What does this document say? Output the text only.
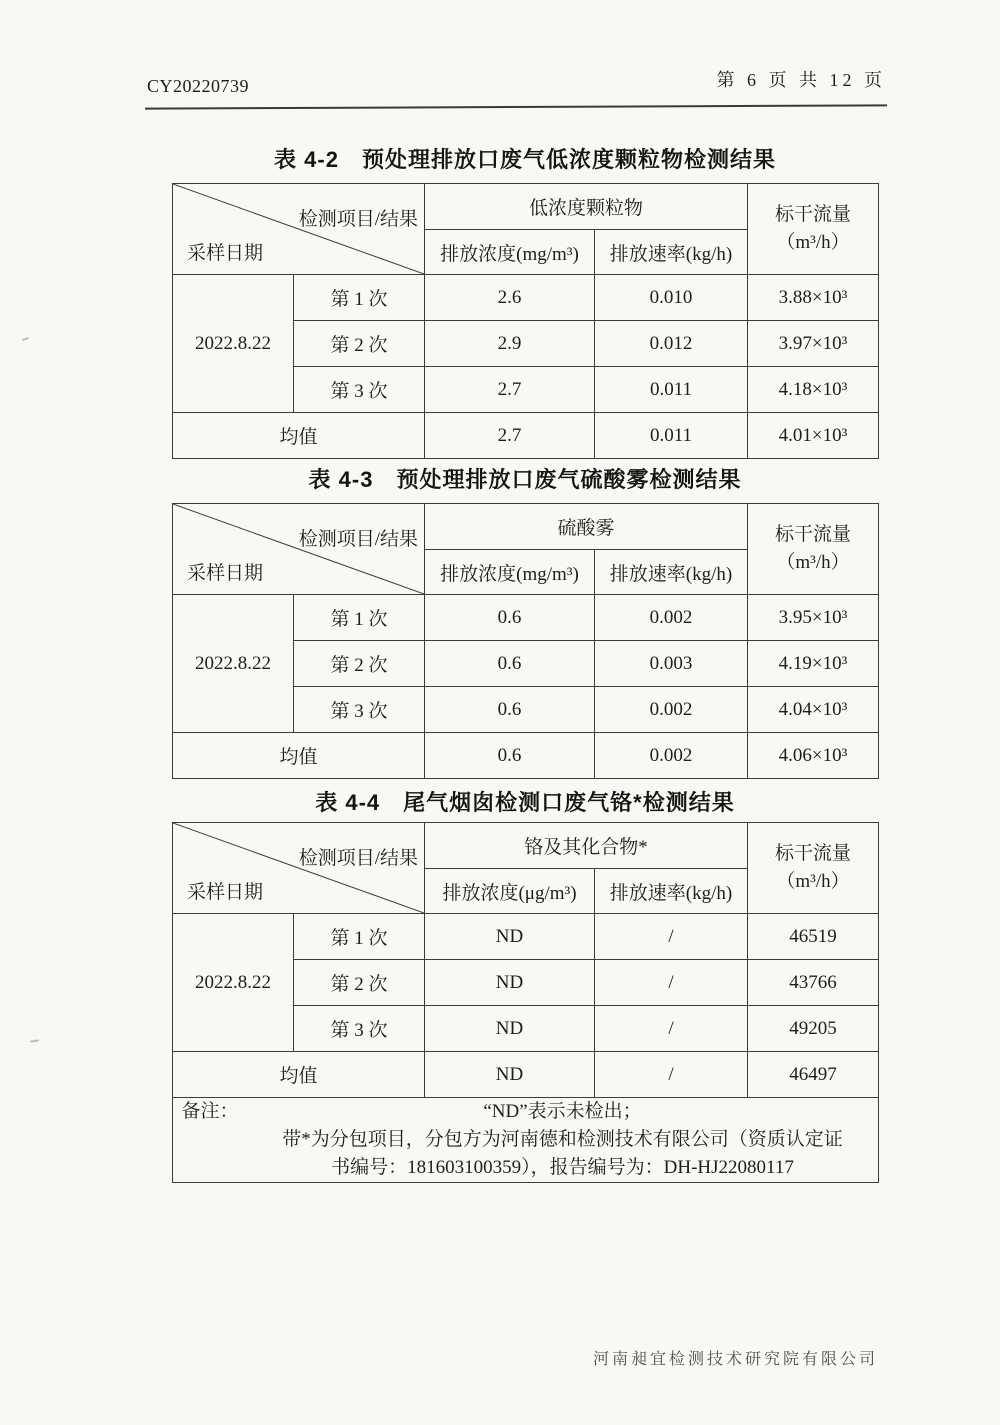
CY20220739	第 6 页 共 12 页
表 4-2　预处理排放口废气低浓度颗粒物检测结果
检测项目/结果
采样日期
	低浓度颗粒物	标干流量
（m³/h）

		排放浓度(mg/m³)	排放速率(kg/h)	
2022.8.22	第 1 次	2.6	0.010	3.88×10³
	第 2 次	2.9	0.012	3.97×10³
	第 3 次	2.7	0.011	4.18×10³
均值		2.7	0.011	4.01×10³
表 4-3　预处理排放口废气硫酸雾检测结果
检测项目/结果
采样日期
	硫酸雾	标干流量
（m³/h）

		排放浓度(mg/m³)	排放速率(kg/h)	
2022.8.22	第 1 次	0.6	0.002	3.95×10³
	第 2 次	0.6	0.003	4.19×10³
	第 3 次	0.6	0.002	4.04×10³
均值		0.6	0.002	4.06×10³
表 4-4　尾气烟囱检测口废气铬*检测结果
检测项目/结果
采样日期
	铬及其化合物*	标干流量
（m³/h）

		排放浓度(μg/m³)	排放速率(kg/h)	
2022.8.22	第 1 次	ND	/	46519
	第 2 次	ND	/	43766
	第 3 次	ND	/	49205
均值		ND	/	46497

备注： “ND”表示未检出；
带*为分包项目，分包方为河南德和检测技术有限公司（资质认定证
书编号：181603100359），报告编号为：DH-HJ22080117				
河南昶宜检测技术研究院有限公司
